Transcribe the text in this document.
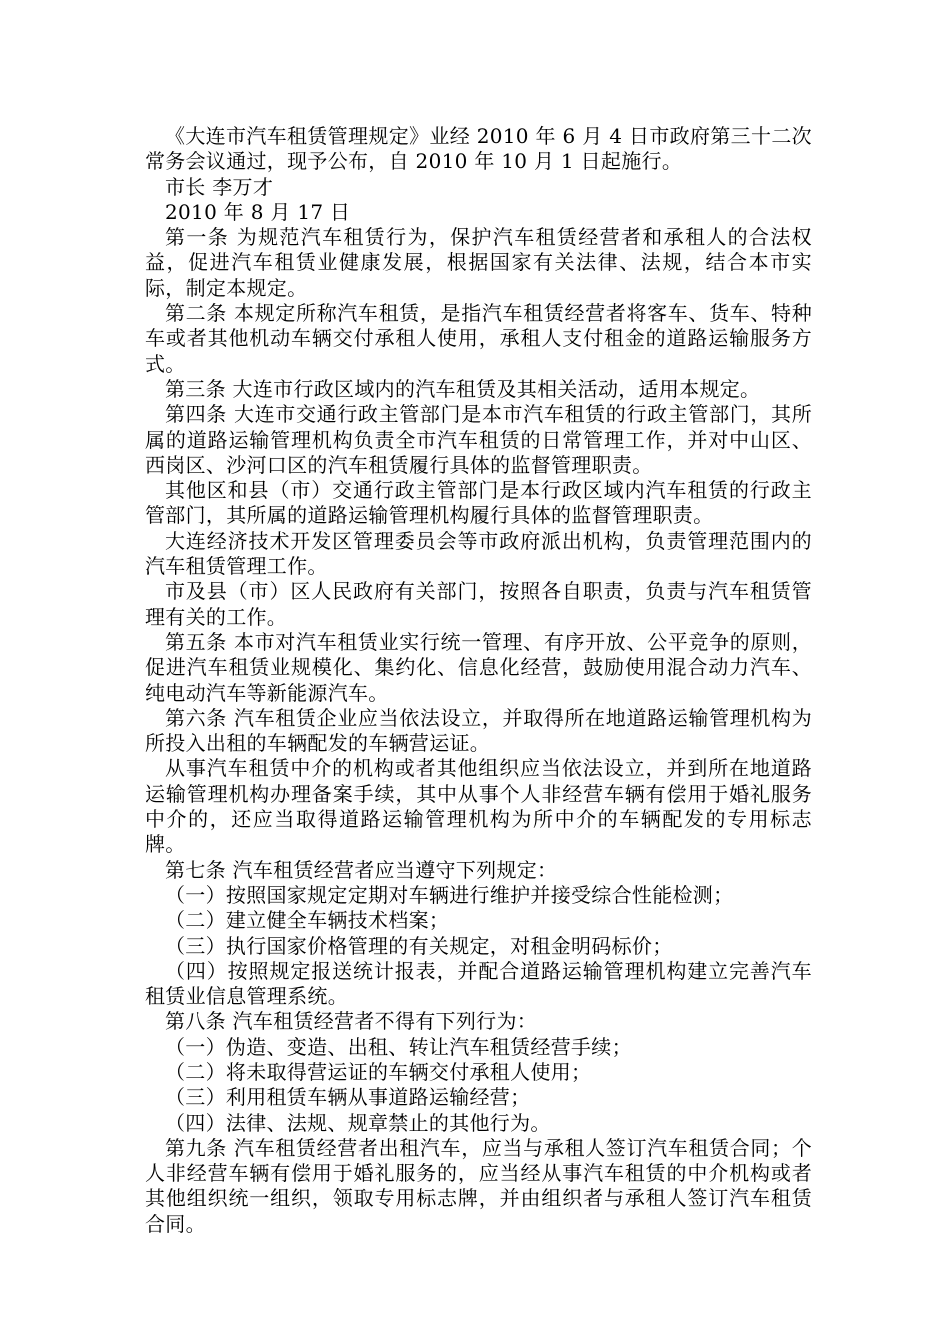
《大连市汽车租赁管理规定》业经 2010 年 6 月 4 日市政府第三十二次常务会议通过，现予公布，自 2010 年 10 月 1 日起施行。

市长 李万才

2010 年 8 月 17 日

第一条 为规范汽车租赁行为，保护汽车租赁经营者和承租人的合法权益，促进汽车租赁业健康发展，根据国家有关法律、法规，结合本市实际，制定本规定。

第二条 本规定所称汽车租赁，是指汽车租赁经营者将客车、货车、特种车或者其他机动车辆交付承租人使用，承租人支付租金的道路运输服务方式。

第三条 大连市行政区域内的汽车租赁及其相关活动，适用本规定。

第四条 大连市交通行政主管部门是本市汽车租赁的行政主管部门，其所属的道路运输管理机构负责全市汽车租赁的日常管理工作，并对中山区、西岗区、沙河口区的汽车租赁履行具体的监督管理职责。

其他区和县（市）交通行政主管部门是本行政区域内汽车租赁的行政主管部门，其所属的道路运输管理机构履行具体的监督管理职责。

大连经济技术开发区管理委员会等市政府派出机构，负责管理范围内的汽车租赁管理工作。

市及县（市）区人民政府有关部门，按照各自职责，负责与汽车租赁管理有关的工作。

第五条 本市对汽车租赁业实行统一管理、有序开放、公平竞争的原则，促进汽车租赁业规模化、集约化、信息化经营，鼓励使用混合动力汽车、纯电动汽车等新能源汽车。

第六条 汽车租赁企业应当依法设立，并取得所在地道路运输管理机构为所投入出租的车辆配发的车辆营运证。

从事汽车租赁中介的机构或者其他组织应当依法设立，并到所在地道路运输管理机构办理备案手续，其中从事个人非经营车辆有偿用于婚礼服务中介的，还应当取得道路运输管理机构为所中介的车辆配发的专用标志牌。

第七条 汽车租赁经营者应当遵守下列规定：

（一）按照国家规定定期对车辆进行维护并接受综合性能检测；

（二）建立健全车辆技术档案；

（三）执行国家价格管理的有关规定，对租金明码标价；

（四）按照规定报送统计报表，并配合道路运输管理机构建立完善汽车租赁业信息管理系统。

第八条 汽车租赁经营者不得有下列行为：

（一）伪造、变造、出租、转让汽车租赁经营手续；

（二）将未取得营运证的车辆交付承租人使用；

（三）利用租赁车辆从事道路运输经营；

（四）法律、法规、规章禁止的其他行为。

第九条 汽车租赁经营者出租汽车，应当与承租人签订汽车租赁合同；个人非经营车辆有偿用于婚礼服务的，应当经从事汽车租赁的中介机构或者其他组织统一组织，领取专用标志牌，并由组织者与承租人签订汽车租赁合同。
